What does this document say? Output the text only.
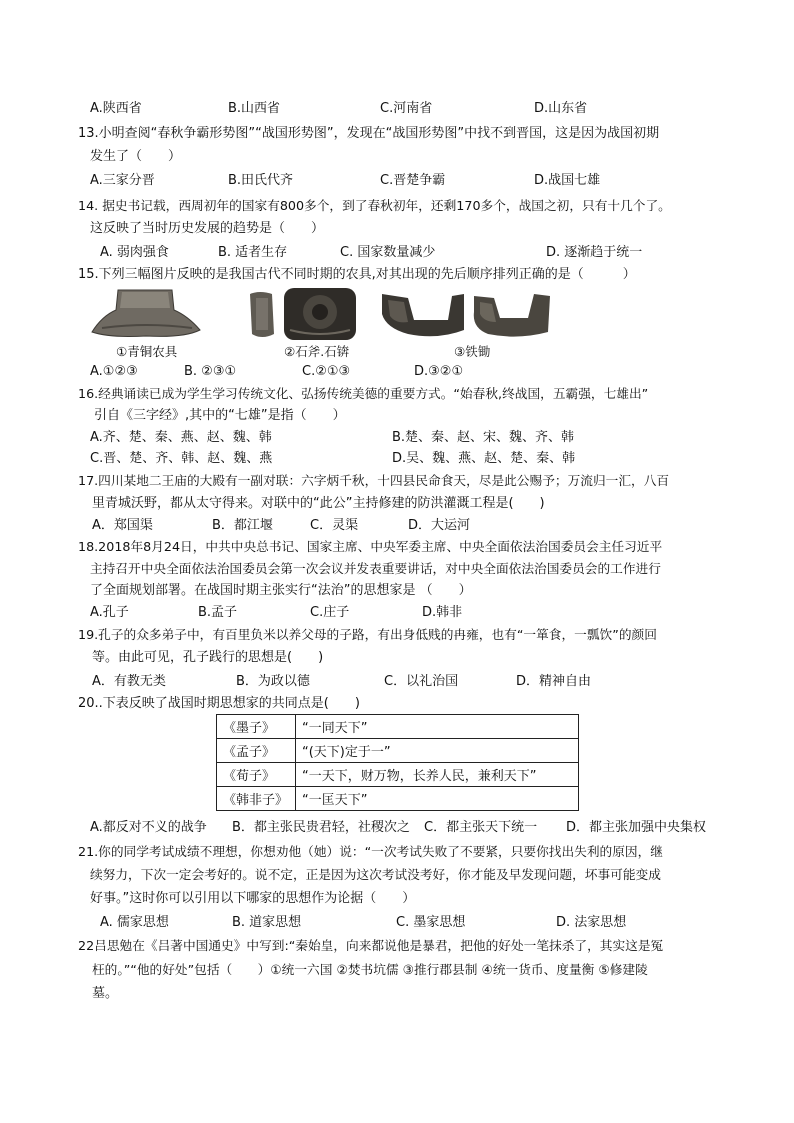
A.陕西省	B.山西省	C.河南省	D.山东省
13.小明查阅“春秋争霸形势图”“战国形势图”，发现在“战国形势图”中找不到晋国，这是因为战国初期
发生了（　　）
A.三家分晋	B.田氏代齐	C.晋楚争霸	D.战国七雄
14. 据史书记载，西周初年的国家有800多个，到了春秋初年，还剩170多个，战国之初，只有十几个了。
这反映了当时历史发展的趋势是（　　）
A. 弱肉强食	B. 适者生存	C. 国家数量减少	D. 逐渐趋于统一
15.下列三幅图片反映的是我国古代不同时期的农具,对其出现的先后顺序排列正确的是（　　　）
①青铜农具	②石斧.石锛	③铁锄
A.①②③	B. ②③①	C.②①③	D.③②①
16.经典诵读已成为学生学习传统文化、弘扬传统美德的重要方式。“始春秋,终战国，五霸强，七雄出”
引自《三字经》,其中的“七雄”是指（　　）
A.齐、楚、秦、燕、赵、魏、韩	B.楚、秦、赵、宋、魏、齐、韩
C.晋、楚、齐、韩、赵、魏、燕	D.吴、魏、燕、赵、楚、秦、韩
17.四川某地二王庙的大殿有一副对联：六字炳千秋，十四县民命食天，尽是此公赐予；万流归一汇，八百
里青城沃野，都从太守得来。对联中的“此公”主持修建的防洪灌溉工程是(　　)
A．郑国渠	B．都江堰	C．灵渠	D．大运河
18.2018年8月24日，中共中央总书记、国家主席、中央军委主席、中央全面依法治国委员会主任习近平
主持召开中央全面依法治国委员会第一次会议并发表重要讲话，对中央全面依法治国委员会的工作进行
了全面规划部署。在战国时期主张实行“法治”的思想家是 （　　）
A.孔子	B.孟子	C.庄子	D.韩非
19.孔子的众多弟子中，有百里负米以养父母的子路，有出身低贱的冉雍，也有“一箪食，一瓢饮”的颜回
等。由此可见，孔子践行的思想是(　　)
A．有教无类	B．为政以德	C．以礼治国	D．精神自由
20..下表反映了战国时期思想家的共同点是(　　)
《墨子》	“一同天下”
《孟子》	“(天下)定于一”
《荀子》	“一天下，财万物，长养人民，兼利天下”
《韩非子》	“一匡天下”
A.都反对不义的战争 B．都主张民贵君轻，社稷次之 C．都主张天下统一 D．都主张加强中央集权
21.你的同学考试成绩不理想，你想劝他（她）说：“一次考试失败了不要紧，只要你找出失利的原因，继
续努力，下次一定会考好的。说不定，正是因为这次考试没考好，你才能及早发现问题，坏事可能变成
好事。”这时你可以引用以下哪家的思想作为论据（　　）
A. 儒家思想	B. 道家思想	C. 墨家思想	D. 法家思想
22吕思勉在《吕著中国通史》中写到:“秦始皇，向来都说他是暴君，把他的好处一笔抹杀了，其实这是冤
枉的。”“他的好处”包括（　　）①统一六国 ②焚书坑儒 ③推行郡县制 ④统一货币、度量衡 ⑤修建陵
墓。
